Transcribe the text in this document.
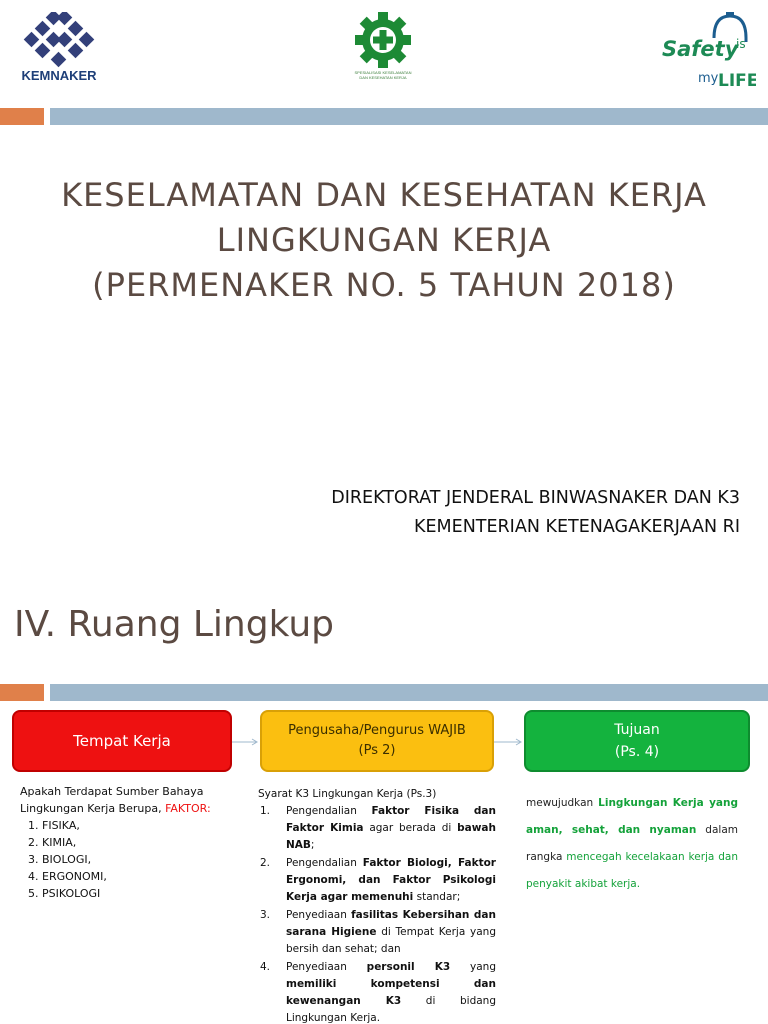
KEMNAKER	SPESIALISASI KESELAMATAN DAN KESEHATAN KERJA
Safety
is
my LIFE
KESELAMATAN DAN KESEHATAN KERJA
LINGKUNGAN KERJA
(PERMENAKER NO. 5 TAHUN 2018)
DIREKTORAT JENDERAL BINWASNAKER DAN K3
KEMENTERIAN KETENAGAKERJAAN RI
IV. Ruang Lingkup
Tempat Kerja
Pengusaha/Pengurus WAJIB
(Ps 2)
Tujuan
(Ps. 4)
Apakah Terdapat Sumber Bahaya Lingkungan Kerja Berupa, FAKTOR:
1. FISIKA,
2. KIMIA,
3. BIOLOGI,
4. ERGONOMI,
5. PSIKOLOGI
Syarat K3 Lingkungan Kerja (Ps.3)
1. Pengendalian Faktor Fisika dan Faktor Kimia agar berada di bawah NAB;
2. Pengendalian Faktor Biologi, Faktor Ergonomi, dan Faktor Psikologi Kerja agar memenuhi standar;
3. Penyediaan fasilitas Kebersihan dan sarana Higiene di Tempat Kerja yang bersih dan sehat; dan
4. Penyediaan personil K3 yang memiliki kompetensi dan kewenangan K3 di bidang Lingkungan Kerja.
mewujudkan Lingkungan Kerja yang aman, sehat, dan nyaman dalam rangka mencegah kecelakaan kerja dan penyakit akibat kerja.
